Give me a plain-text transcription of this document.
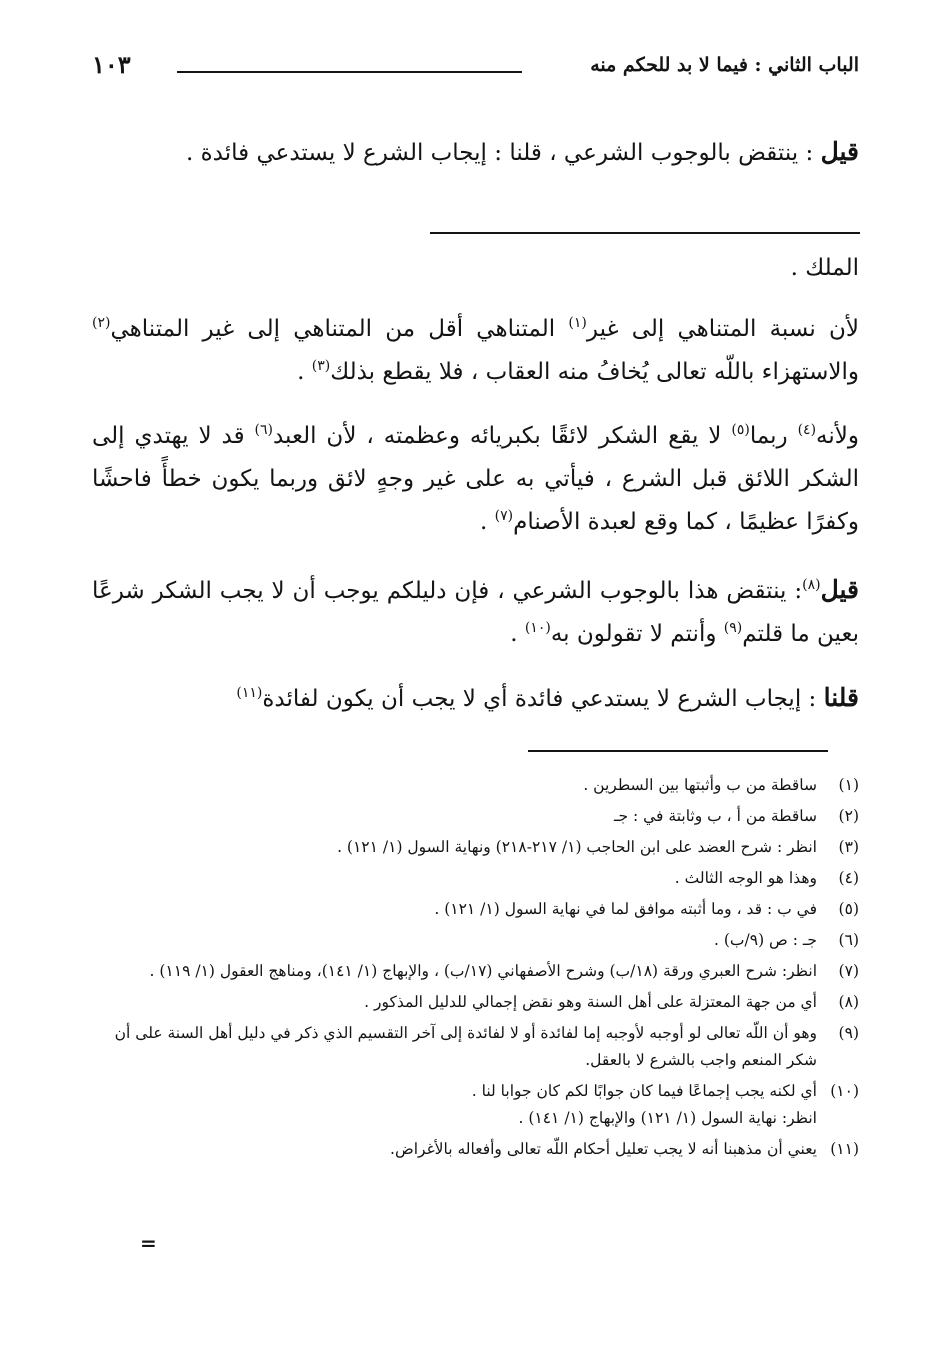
الباب الثاني : فيما لا بد للحكم منه
١٠٣
قيل : ينتقض بالوجوب الشرعي ، قلنا : إيجاب الشرع لا يستدعي فائدة .
الملك .
لأن نسبة المتناهي إلى غير$^{(١)}$ المتناهي أقل من المتناهي إلى غير المتناهي$^{(٢)}$ والاستهزاء باللّه تعالى يُخافُ منه العقاب ، فلا يقطع بذلك$^{(٣)}$ .
ولأنه$^{(٤)}$ ربما$^{(٥)}$ لا يقع الشكر لائقًا بكبريائه وعظمته ، لأن العبد$^{(٦)}$ قد لا يهتدي إلى الشكر اللائق قبل الشرع ، فيأتي به على غير وجهٍ لائق وربما يكون خطأً فاحشًا وكفرًا عظيمًا ، كما وقع لعبدة الأصنام$^{(٧)}$ .
قيل$^{(٨)}$: ينتقض هذا بالوجوب الشرعي ، فإن دليلكم يوجب أن لا يجب الشكر شرعًا بعين ما قلتم$^{(٩)}$ وأنتم لا تقولون به$^{(١٠)}$ .
قلنا : إيجاب الشرع لا يستدعي فائدة أي لا يجب أن يكون لفائدة$^{(١١)}$
(١)
ساقطة من ب وأثبتها بين السطرين .
(٢)
ساقطة من أ ، ب وثابتة في : جـ
(٣)
انظر : شرح العضد على ابن الحاجب (١/ ٢١٧-٢١٨) ونهاية السول (١/ ١٢١) .
(٤)
وهذا هو الوجه الثالث .
(٥)
في ب : قد ، وما أثبته موافق لما في نهاية السول (١/ ١٢١) .
(٦)
جـ : ص (٩/ب) .
(٧)
انظر: شرح العبري ورقة (١٨/ب) وشرح الأصفهاني (١٧/ب) ، والإبهاج (١/ ١٤١)، ومناهج العقول (١/ ١١٩) .
(٨)
أي من جهة المعتزلة على أهل السنة وهو نقض إجمالي للدليل المذكور .
(٩)
وهو أن اللّه تعالى لو أوجبه لأوجبه إما لفائدة أو لا لفائدة إلى آخر التقسيم الذي ذكر في دليل أهل السنة على أن شكر المنعم واجب بالشرع لا بالعقل.
(١٠)
أي لكنه يجب إجماعًا فيما كان جوابًا لكم كان جوابا لنا .
انظر: نهاية السول (١/ ١٢١) والإبهاج (١/ ١٤١) .
(١١)
يعني أن مذهبنا أنه لا يجب تعليل أحكام اللّه تعالى وأفعاله بالأغراض.
=
